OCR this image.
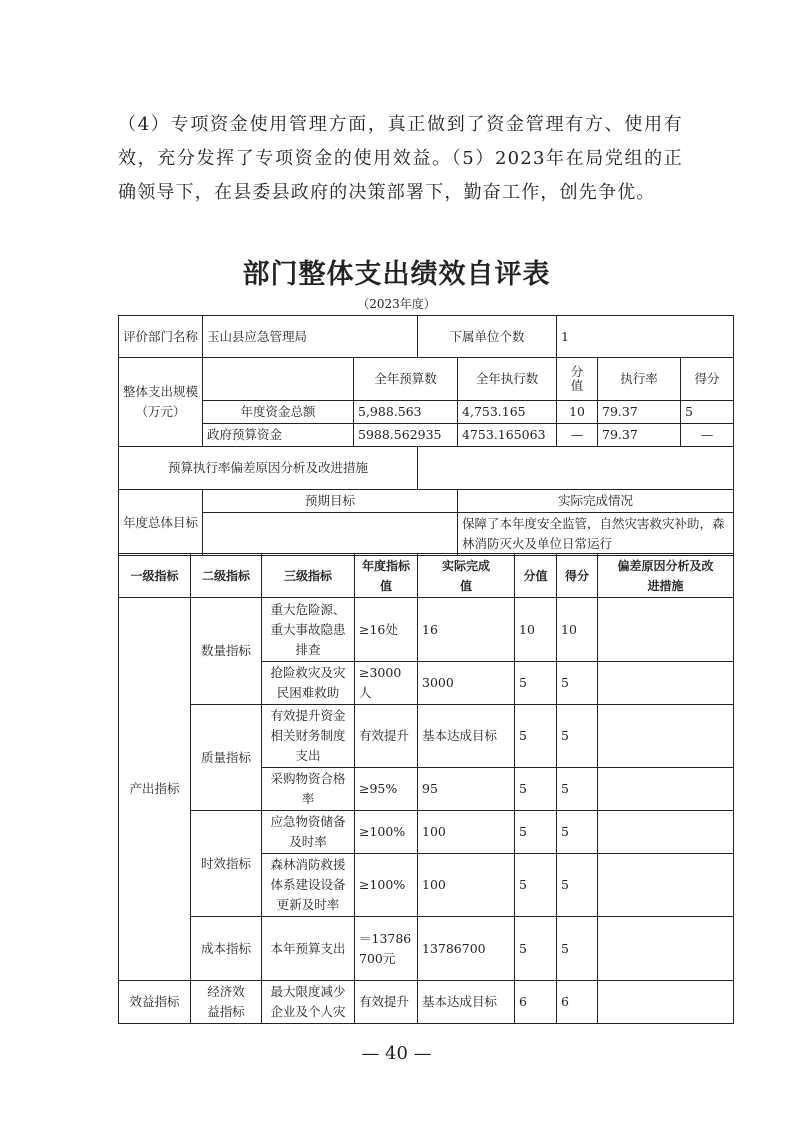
（4）专项资金使用管理方面，真正做到了资金管理有方、使用有效，充分发挥了专项资金的使用效益。（5）2023年在局党组的正确领导下，在县委县政府的决策部署下，勤奋工作，创先争优。
部门整体支出绩效自评表
（2023年度）
评价部门名称	玉山县应急管理局		下属单位个数		1		
整体支出规模（万元）		全年预算数		全年执行数	分值	执行率	得分
	年度资金总额	5,988.563		4,753.165	10	79.37	5
	政府预算资金	5988.562935		4753.165063	—	79.37	—
预算执行率偏差原因分析及改进措施							
年度总体目标	预期目标			实际完成情况			
				保障了本年度安全监管，自然灾害救灾补助，森林消防灭火及单位日常运行			
一级指标	二级指标	三级指标	年度指标值	实际完成值	分值	得分	偏差原因分析及改进措施
产出指标	数量指标	重大危险源、重大事故隐患排查	≥16处	16	10	10	
		抢险救灾及灾民困难救助	≥3000人	3000	5	5	
	质量指标	有效提升资金相关财务制度支出	有效提升	基本达成目标	5	5	
		采购物资合格率	≥95%	95	5	5	
	时效指标	应急物资储备及时率	≥100%	100	5	5	
		森林消防救援体系建设设备更新及时率	≥100%	100	5	5	
	成本指标	本年预算支出	＝13786700元	13786700	5	5	
效益指标	经济效益指标	最大限度减少企业及个人灾	有效提升	基本达成目标	6	6	
— 40 —
